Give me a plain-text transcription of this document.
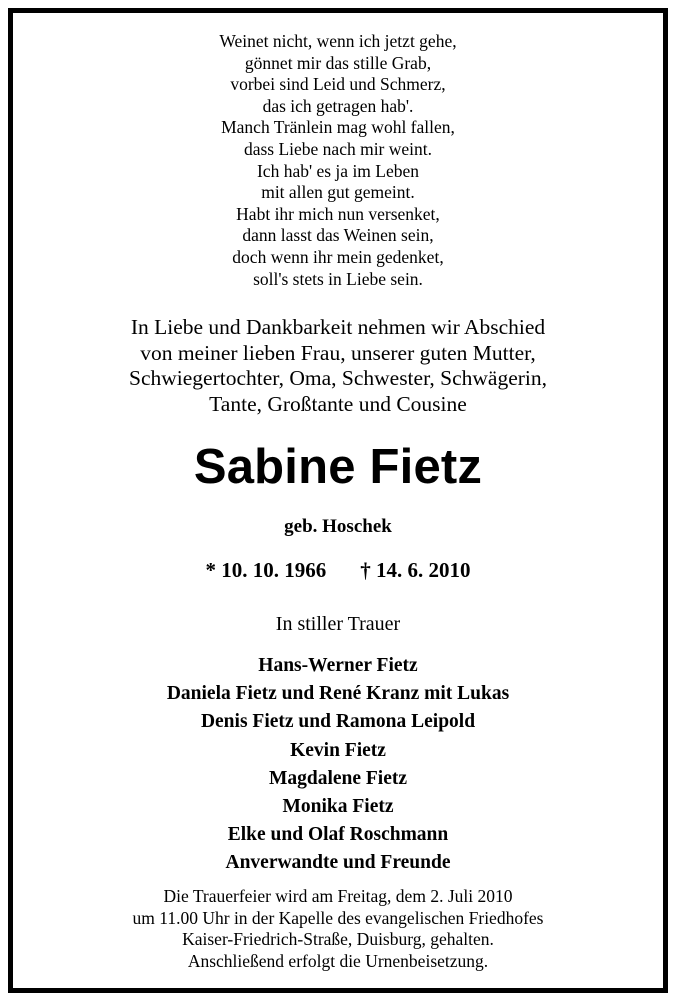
Weinet nicht, wenn ich jetzt gehe,
gönnet mir das stille Grab,
vorbei sind Leid und Schmerz,
das ich getragen hab'.
Manch Tränlein mag wohl fallen,
dass Liebe nach mir weint.
Ich hab' es ja im Leben
mit allen gut gemeint.
Habt ihr mich nun versenket,
dann lasst das Weinen sein,
doch wenn ihr mein gedenket,
soll's stets in Liebe sein.
In Liebe und Dankbarkeit nehmen wir Abschied
von meiner lieben Frau, unserer guten Mutter,
Schwiegertochter, Oma, Schwester, Schwägerin,
Tante, Großtante und Cousine
Sabine Fietz
geb. Hoschek
* 10. 10. 1966 † 14. 6. 2010
In stiller Trauer
Hans-Werner Fietz
Daniela Fietz und René Kranz mit Lukas
Denis Fietz und Ramona Leipold
Kevin Fietz
Magdalene Fietz
Monika Fietz
Elke und Olaf Roschmann
Anverwandte und Freunde
Die Trauerfeier wird am Freitag, dem 2. Juli 2010
um 11.00 Uhr in der Kapelle des evangelischen Friedhofes
Kaiser-Friedrich-Straße, Duisburg, gehalten.
Anschließend erfolgt die Urnenbeisetzung.
